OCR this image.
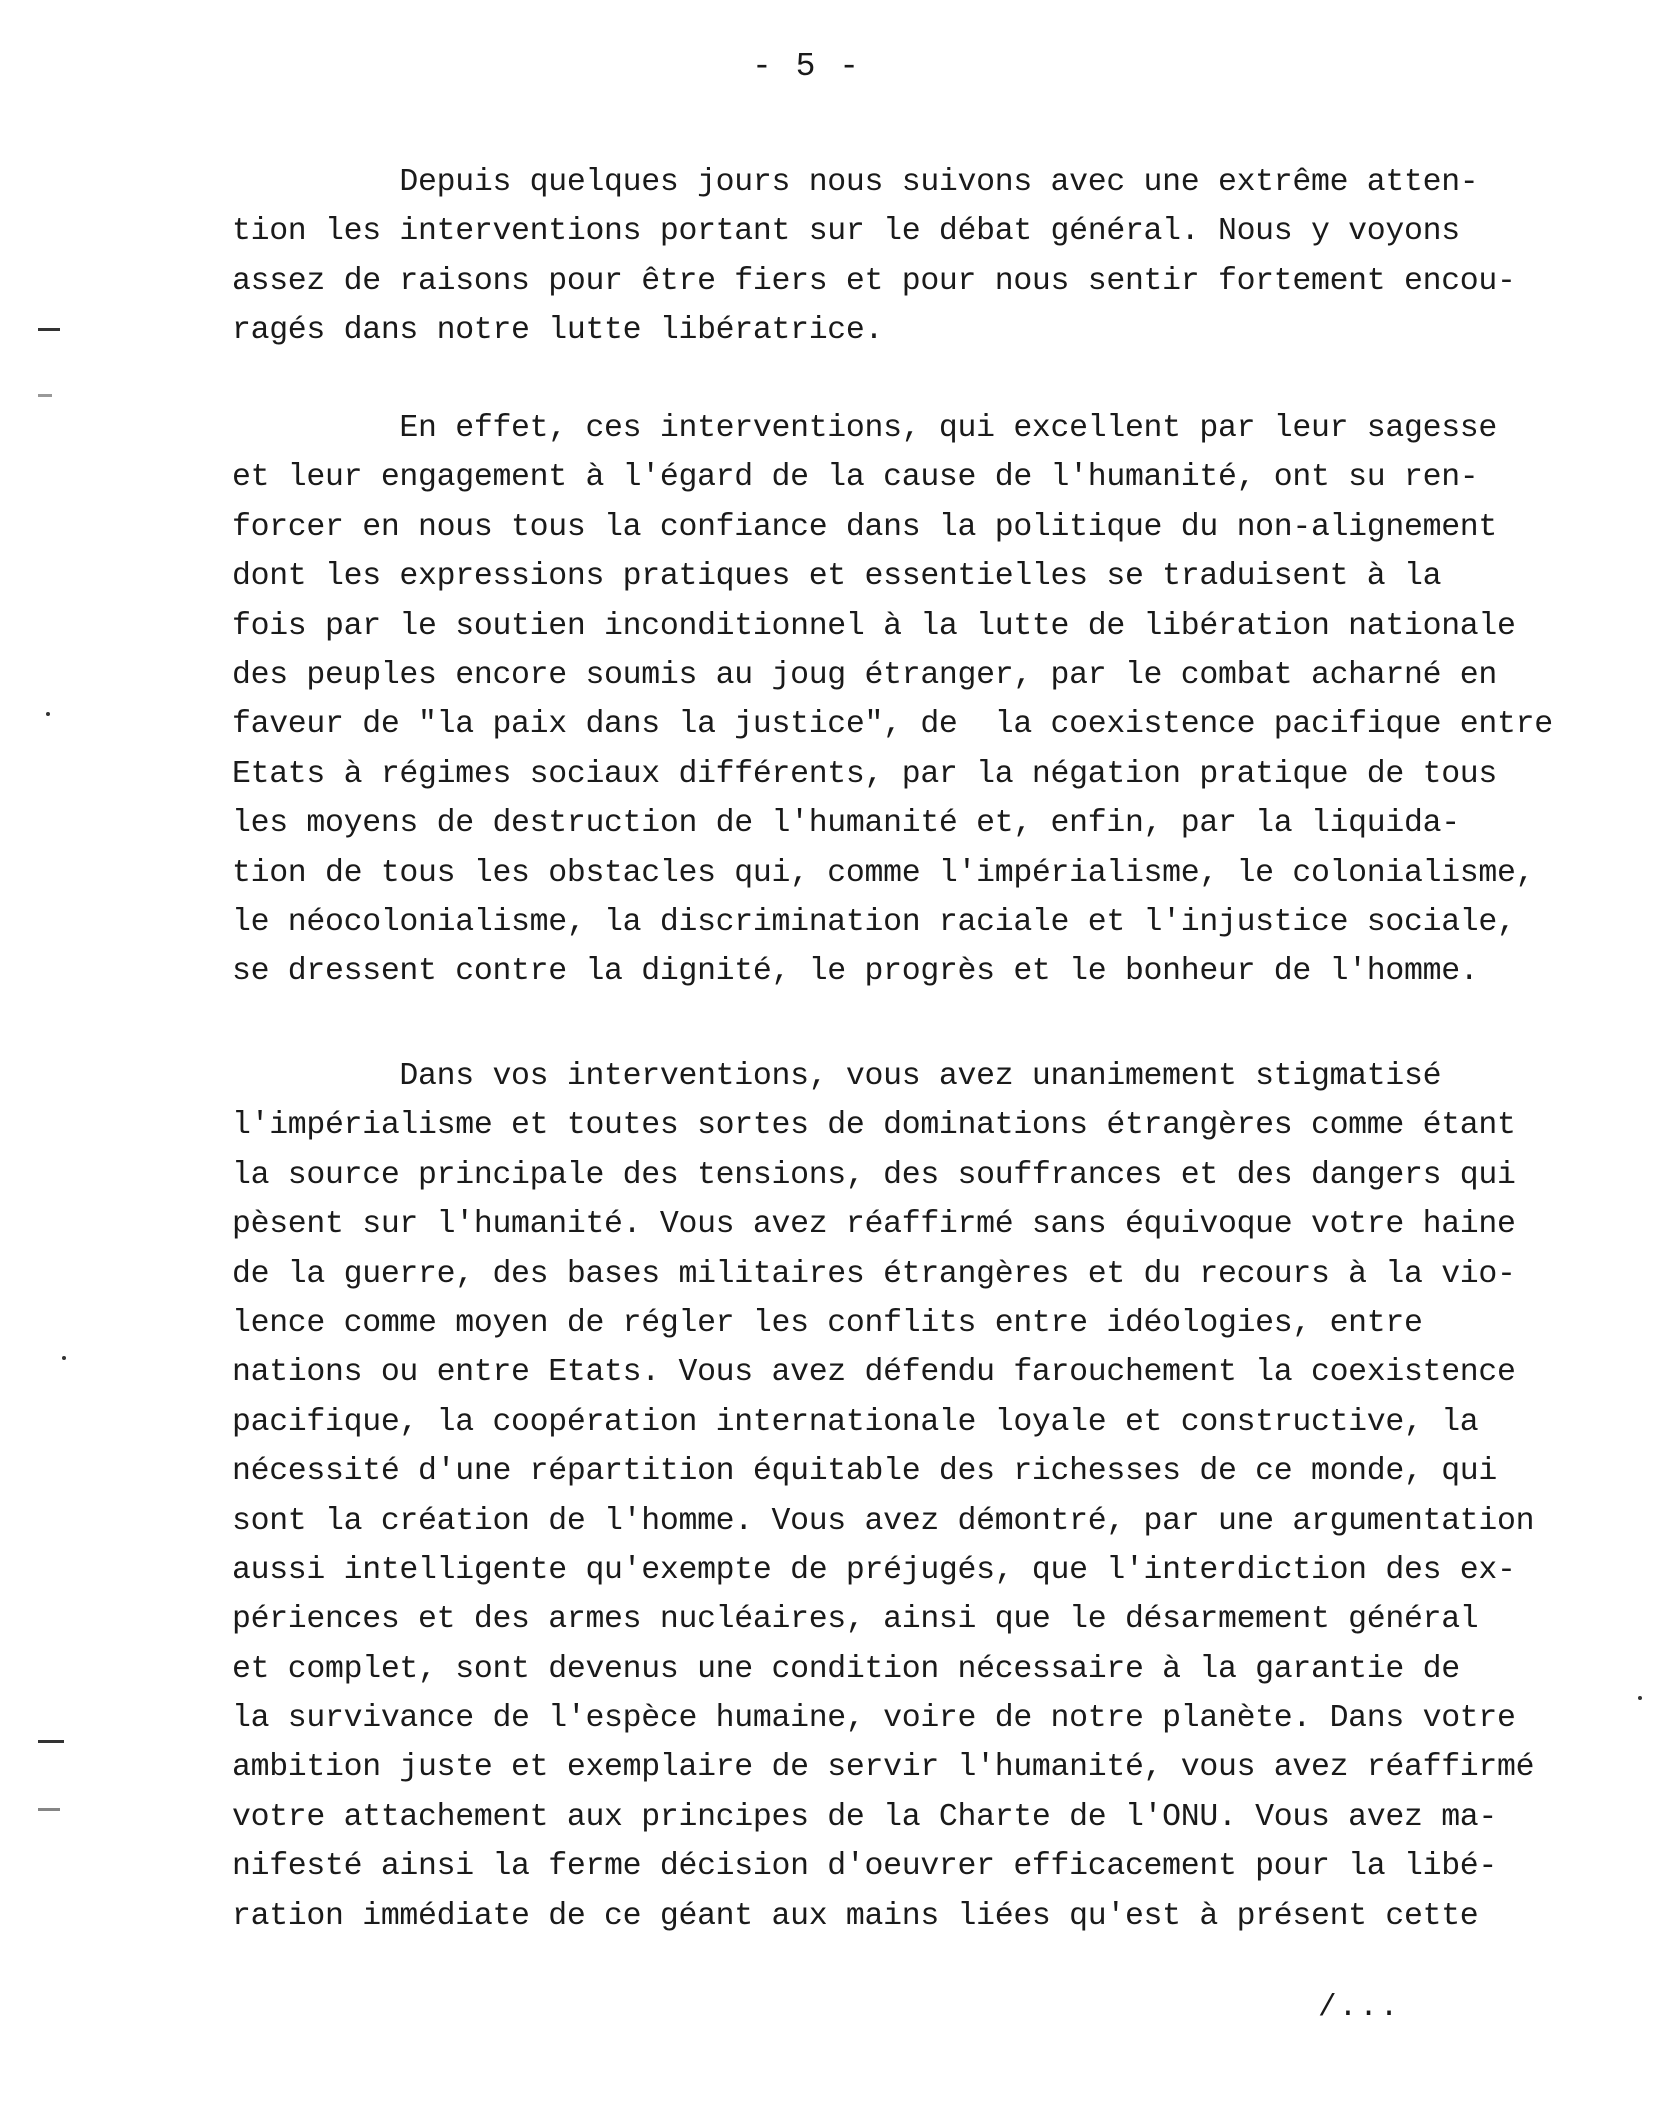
- 5 -
Depuis quelques jours nous suivons avec une extrême atten-
tion les interventions portant sur le débat général. Nous y voyons
assez de raisons pour être fiers et pour nous sentir fortement encou-
ragés dans notre lutte libératrice.
En effet, ces interventions, qui excellent par leur sagesse
et leur engagement à l'égard de la cause de l'humanité, ont su ren-
forcer en nous tous la confiance dans la politique du non-alignement
dont les expressions pratiques et essentielles se traduisent à la
fois par le soutien inconditionnel à la lutte de libération nationale
des peuples encore soumis au joug étranger, par le combat acharné en
faveur de "la paix dans la justice", de  la coexistence pacifique entre
Etats à régimes sociaux différents, par la négation pratique de tous
les moyens de destruction de l'humanité et, enfin, par la liquida-
tion de tous les obstacles qui, comme l'impérialisme, le colonialisme,
le néocolonialisme, la discrimination raciale et l'injustice sociale,
se dressent contre la dignité, le progrès et le bonheur de l'homme.
Dans vos interventions, vous avez unanimement stigmatisé
l'impérialisme et toutes sortes de dominations étrangères comme étant
la source principale des tensions, des souffrances et des dangers qui
pèsent sur l'humanité. Vous avez réaffirmé sans équivoque votre haine
de la guerre, des bases militaires étrangères et du recours à la vio-
lence comme moyen de régler les conflits entre idéologies, entre
nations ou entre Etats. Vous avez défendu farouchement la coexistence
pacifique, la coopération internationale loyale et constructive, la
nécessité d'une répartition équitable des richesses de ce monde, qui
sont la création de l'homme. Vous avez démontré, par une argumentation
aussi intelligente qu'exempte de préjugés, que l'interdiction des ex-
périences et des armes nucléaires, ainsi que le désarmement général
et complet, sont devenus une condition nécessaire à la garantie de
la survivance de l'espèce humaine, voire de notre planète. Dans votre
ambition juste et exemplaire de servir l'humanité, vous avez réaffirmé
votre attachement aux principes de la Charte de l'ONU. Vous avez ma-
nifesté ainsi la ferme décision d'oeuvrer efficacement pour la libé-
ration immédiate de ce géant aux mains liées qu'est à présent cette
/...
